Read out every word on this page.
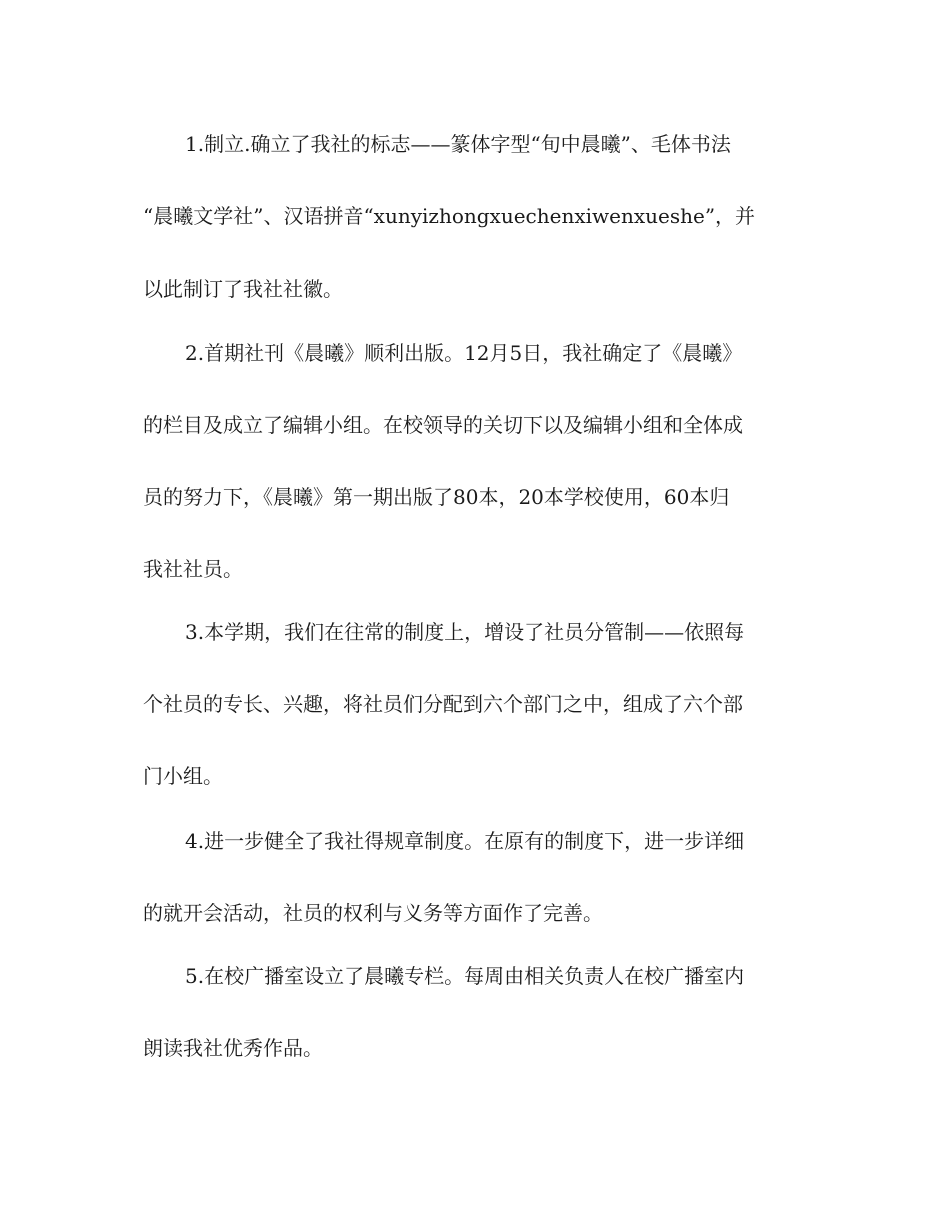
1.制立.确立了我社的标志——篆体字型“旬中晨曦”、毛体书法
“晨曦文学社”、汉语拼音“xunyizhongxuechenxiwenxueshe”，并
以此制订了我社社徽。
2.首期社刊《晨曦》顺利出版。12月5日，我社确定了《晨曦》
的栏目及成立了编辑小组。在校领导的关切下以及编辑小组和全体成
员的努力下，《晨曦》第一期出版了80本，20本学校使用，60本归
我社社员。
3.本学期，我们在往常的制度上，增设了社员分管制——依照每
个社员的专长、兴趣，将社员们分配到六个部门之中，组成了六个部
门小组。
4.进一步健全了我社得规章制度。在原有的制度下，进一步详细
的就开会活动，社员的权利与义务等方面作了完善。
5.在校广播室设立了晨曦专栏。每周由相关负责人在校广播室内
朗读我社优秀作品。
